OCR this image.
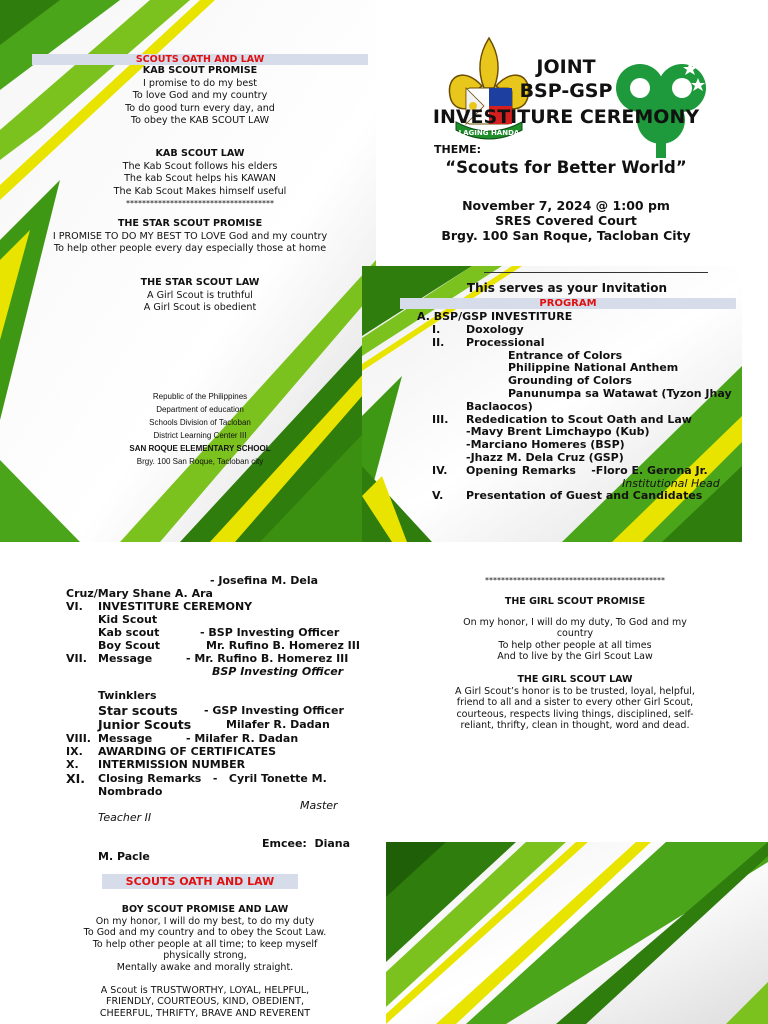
SCOUTS OATH AND LAW
KAB SCOUT PROMISE
I promise to do my best
To love God and my country
To do good turn every day, and
To obey the KAB SCOUT LAW
KAB SCOUT LAW
The Kab Scout follows his elders
The kab Scout helps his KAWAN
The Kab Scout Makes himself useful
*************************************
THE STAR SCOUT PROMISE
I PROMISE TO DO MY BEST TO LOVE God and my country
To help other people every day especially those at home
THE STAR SCOUT LAW
A Girl Scout is truthful
A Girl Scout is obedient
Republic of the Philippines
Department of education
Schools Division of Tacloban
District Learning Center III
SAN ROQUE ELEMENTARY SCHOOL
Brgy. 100 San Roque, Tacloban city
LAGING HANDA
JOINT
BSP-GSP
INVESTITURE CEREMONY
THEME:
“Scouts for Better World”
November 7, 2024 @ 1:00 pm
SRES Covered Court
Brgy. 100 San Roque, Tacloban City
This serves as your Invitation
PROGRAM
A. BSP/GSP INVESTITURE
I. Doxology
II. Processional
Entrance of Colors
Philippine National Anthem
Grounding of Colors
Panunumpa sa Watawat (Tyzon Jhay
Baclaocos)
III. Rededication to Scout Oath and Law
-Mavy Brent Limchaypo (Kub)
-Marciano Homeres (BSP)
-Jhazz M. Dela Cruz (GSP)
IV. Opening Remarks    -Floro E. Gerona Jr.
Institutional Head
V. Presentation of Guest and Candidates
- Josefina M. Dela
Cruz/Mary Shane A. Ara
VI. INVESTITURE CEREMONY
Kid Scout
Kab scout	- BSP Investing Officer
Boy Scout	Mr. Rufino B. Homerez III
VII. Message	- Mr. Rufino B. Homerez III
BSP Investing Officer
Twinklers
Star scouts - GSP Investing Officer
Junior Scouts	Milafer R. Dadan
VIII. Message	- Milafer R. Dadan
IX. AWARDING OF CERTIFICATES
X. INTERMISSION NUMBER
XI. Closing Remarks   -   Cyril Tonette M.
Nombrado
Master
Teacher II
Emcee:  Diana
M. Pacle
SCOUTS OATH AND LAW
BOY SCOUT PROMISE AND LAW
On my honor, I will do my best, to do my duty
To God and my country and to obey the Scout Law.
To help other people at all time; to keep myself
physically strong,
Mentally awake and morally straight.
A Scout is TRUSTWORTHY, LOYAL, HELPFUL,
FRIENDLY, COURTEOUS, KIND, OBEDIENT,
CHEERFUL, THRIFTY, BRAVE AND REVERENT
*********************************************
THE GIRL SCOUT PROMISE
On my honor, I will do my duty, To God and my
country
To help other people at all times
And to live by the Girl Scout Law
THE GIRL SCOUT LAW
A Girl Scout’s honor is to be trusted, loyal, helpful,
friend to all and a sister to every other Girl Scout,
courteous, respects living things, disciplined, self-
reliant, thrifty, clean in thought, word and dead.
